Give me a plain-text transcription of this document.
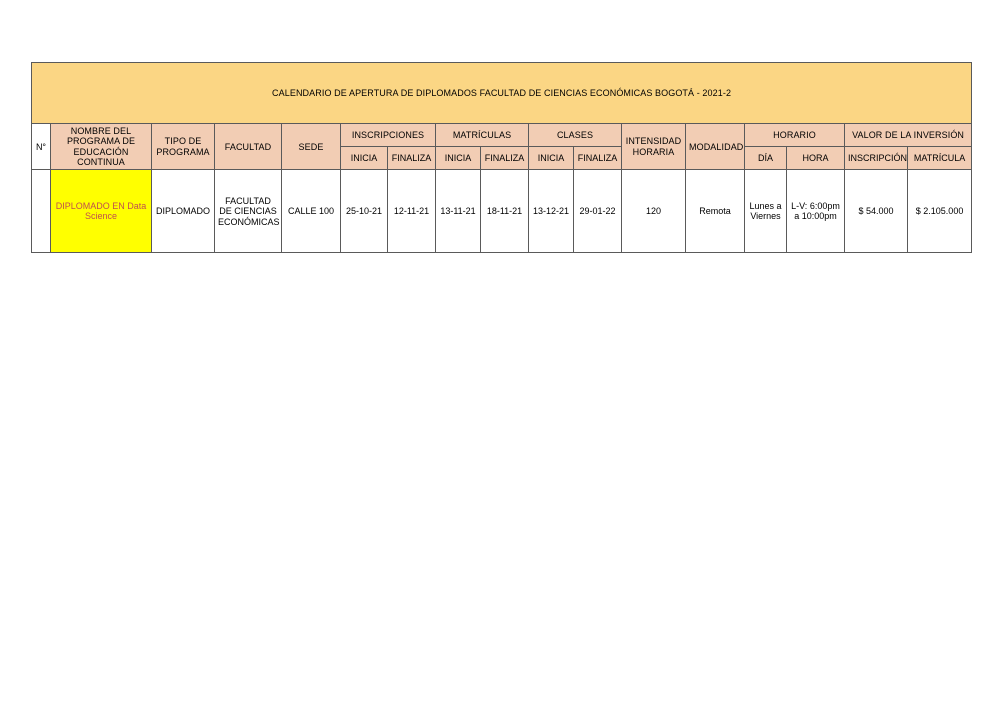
CALENDARIO DE APERTURA DE DIPLOMADOS FACULTAD DE CIENCIAS ECONÓMICAS BOGOTÁ - 2021-2																
N°	NOMBRE DEL PROGRAMA DE EDUCACIÓN CONTINUA	TIPO DE PROGRAMA	FACULTAD	SEDE	INSCRIPCIONES		MATRÍCULAS		CLASES		INTENSIDAD HORARIA	MODALIDAD	HORARIO		VALOR DE LA INVERSIÓN	
					INICIA	FINALIZA	INICIA	FINALIZA	INICIA	FINALIZA			DÍA	HORA	INSCRIPCIÓN	MATRÍCULA
	DIPLOMADO EN Data Science	DIPLOMADO	FACULTAD DE CIENCIAS ECONÓMICAS	CALLE 100	25-10-21	12-11-21	13-11-21	18-11-21	13-12-21	29-01-22	120	Remota	Lunes a Viernes	L-V: 6:00pm a 10:00pm	$ 54.000	$ 2.105.000
